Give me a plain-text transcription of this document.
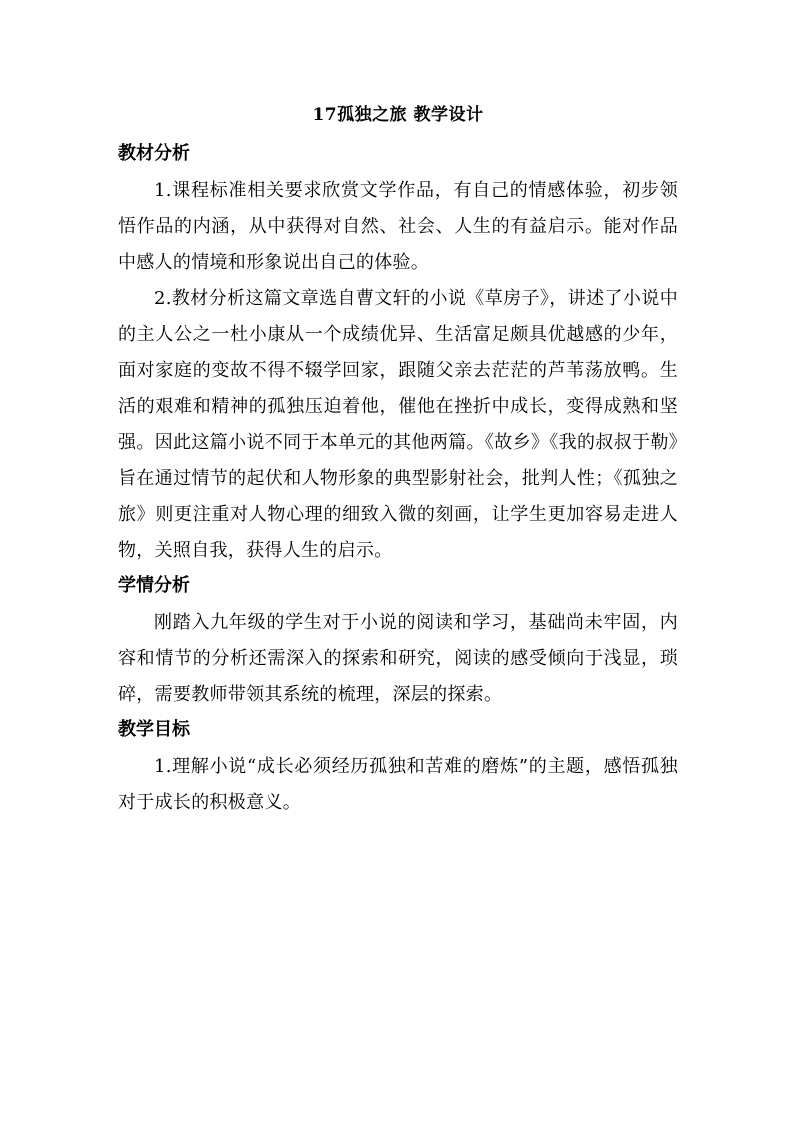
17孤独之旅 教学设计
教材分析

1.课程标准相关要求欣赏文学作品，有自己的情感体验，初步领悟作品的内涵，从中获得对自然、社会、人生的有益启示。能对作品中感人的情境和形象说出自己的体验。

2.教材分析这篇文章选自曹文轩的小说《草房子》，讲述了小说中的主人公之一杜小康从一个成绩优异、生活富足颇具优越感的少年，面对家庭的变故不得不辍学回家，跟随父亲去茫茫的芦苇荡放鸭。生活的艰难和精神的孤独压迫着他，催他在挫折中成长，变得成熟和坚强。因此这篇小说不同于本单元的其他两篇。《故乡》《我的叔叔于勒》旨在通过情节的起伏和人物形象的典型影射社会，批判人性；《孤独之旅》则更注重对人物心理的细致入微的刻画，让学生更加容易走进人物，关照自我，获得人生的启示。

学情分析

刚踏入九年级的学生对于小说的阅读和学习，基础尚未牢固，内容和情节的分析还需深入的探索和研究，阅读的感受倾向于浅显，琐碎，需要教师带领其系统的梳理，深层的探索。

教学目标

1.理解小说“成长必须经历孤独和苦难的磨炼”的主题，感悟孤独对于成长的积极意义。
